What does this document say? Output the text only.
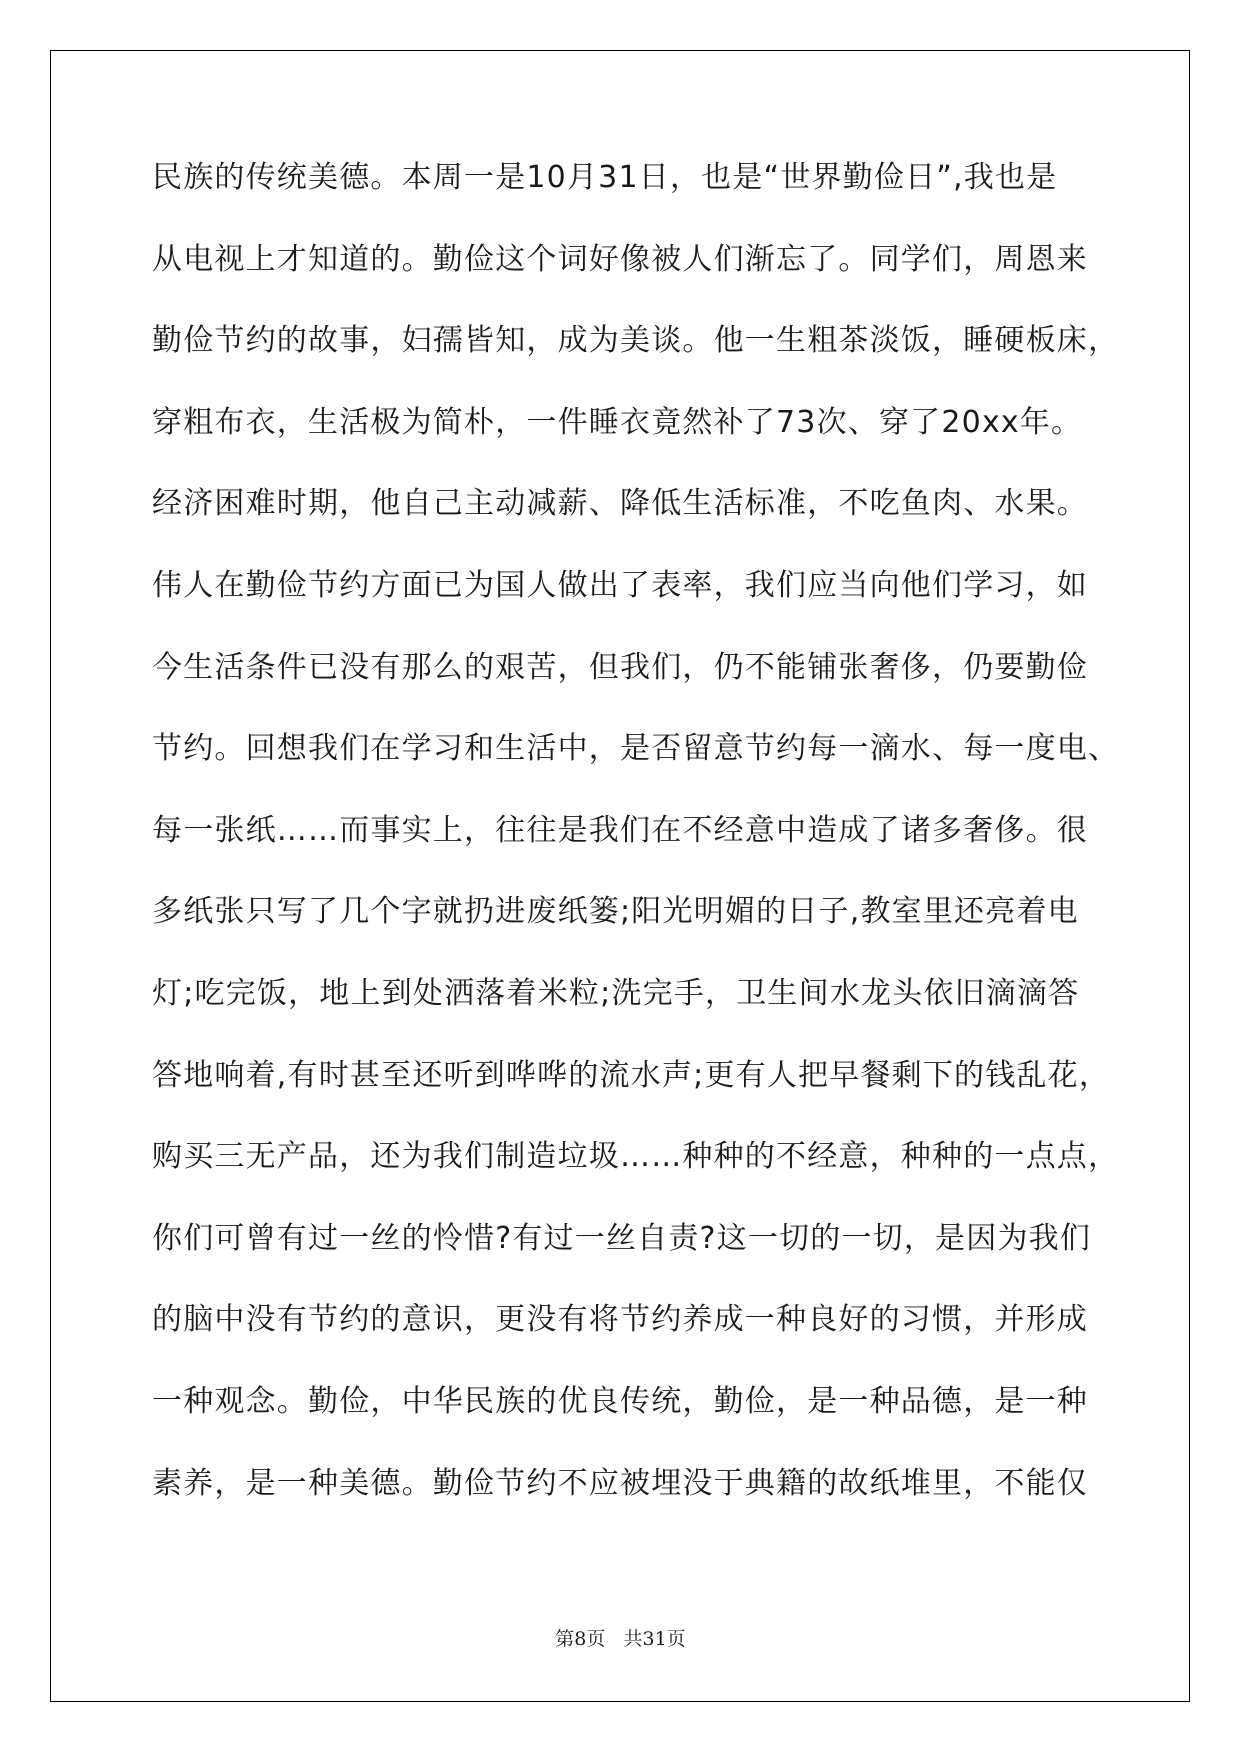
民族的传统美德。本周一是10月31日，也是“世界勤俭日”,我也是
从电视上才知道的。勤俭这个词好像被人们渐忘了。同学们，周恩来
勤俭节约的故事，妇孺皆知，成为美谈。他一生粗茶淡饭，睡硬板床，
穿粗布衣，生活极为简朴，一件睡衣竟然补了73次、穿了20xx年。
经济困难时期，他自己主动减薪、降低生活标准，不吃鱼肉、水果。
伟人在勤俭节约方面已为国人做出了表率，我们应当向他们学习，如
今生活条件已没有那么的艰苦，但我们，仍不能铺张奢侈，仍要勤俭
节约。回想我们在学习和生活中，是否留意节约每一滴水、每一度电、
每一张纸……而事实上，往往是我们在不经意中造成了诸多奢侈。很
多纸张只写了几个字就扔进废纸篓;阳光明媚的日子,教室里还亮着电
灯;吃完饭，地上到处洒落着米粒;洗完手，卫生间水龙头依旧滴滴答
答地响着,有时甚至还听到哗哗的流水声;更有人把早餐剩下的钱乱花，
购买三无产品，还为我们制造垃圾……种种的不经意，种种的一点点，
你们可曾有过一丝的怜惜?有过一丝自责?这一切的一切，是因为我们
的脑中没有节约的意识，更没有将节约养成一种良好的习惯，并形成
一种观念。勤俭，中华民族的优良传统，勤俭，是一种品德，是一种
素养，是一种美德。勤俭节约不应被埋没于典籍的故纸堆里，不能仅
第8页   共31页
